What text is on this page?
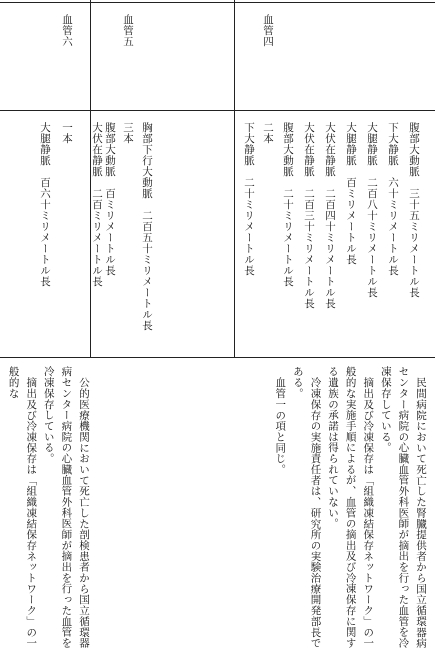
血管四
二本	腹部大動脈　三十五ミリメートル長
下大静脈　六十ミリメートル長
大腿静脈　二百八十ミリメートル長
大腿静脈　百ミリメートル長
大伏在静脈　二百四十ミリメートル長
大伏在静脈　二百三十ミリメートル長
腹部大動脈　二十ミリメートル長
下大静脈　二十ミリメートル長
血管五
三本 胸部下行大動脈　二百五十ミリメートル長
腹部大動脈　百ミリメートル長
大伏在静脈　二百ミリメートル長
血管六
一本
大腿静脈　百六十ミリメートル長

民間病院において死亡した腎臓提供者から国立循環器病センター病院の心臓血管外科医師が摘出を行った血管を冷凍保存している。

摘出及び冷凍保存は「組織凍結保存ネットワーク」の一般的な実施手順によるが、血管の摘出及び冷凍保存に関する遺族の承諾は得られていない。

冷凍保存の実施責任者は、研究所の実験治療開発部長である。

血管一の項と同じ。

公的医療機関において死亡した剖検患者から国立循環器病センター病院の心臓血管外科医師が摘出を行った血管を冷凍保存している。

摘出及び冷凍保存は「組織凍結保存ネットワーク」の一般的な
